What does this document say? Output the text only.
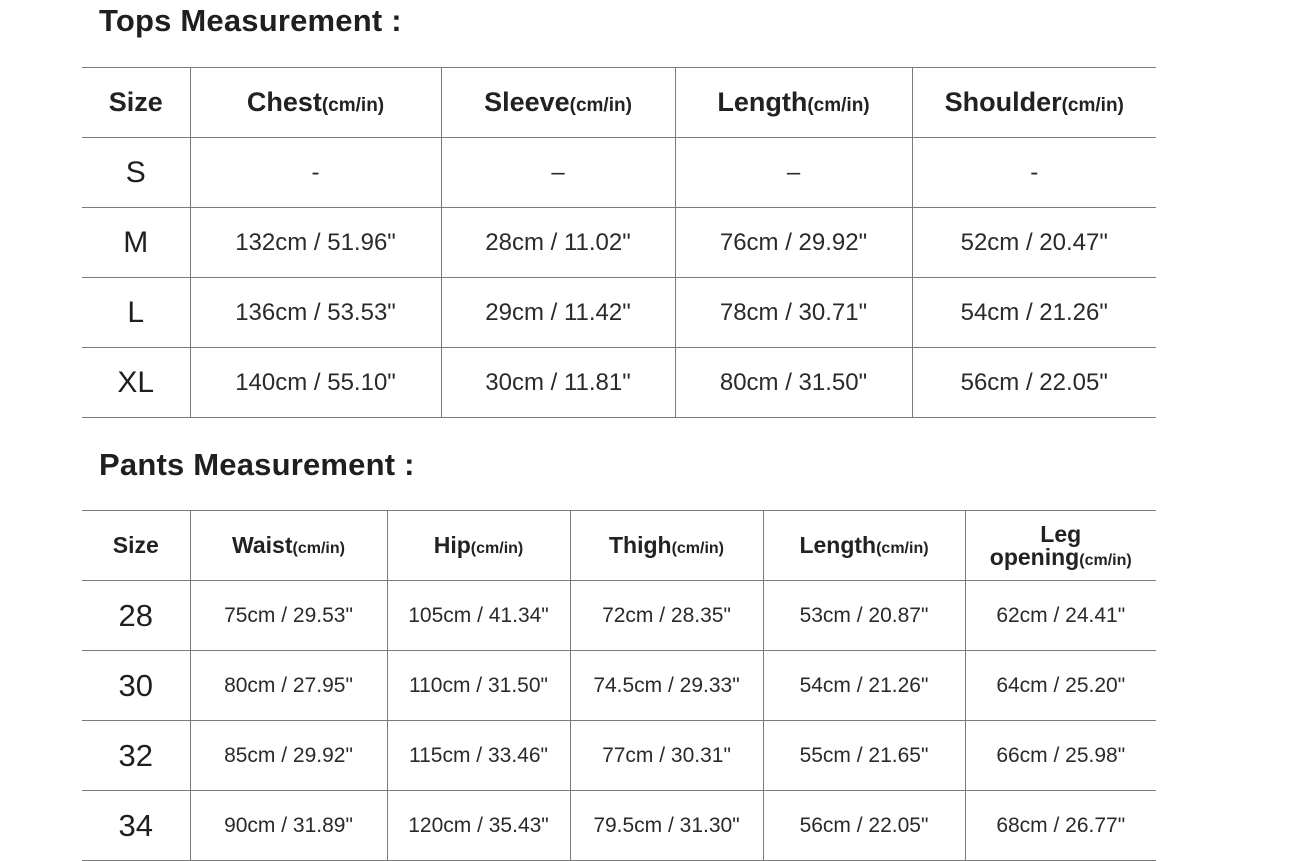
Tops Measurement :
Size	Chest(cm/in)	Sleeve(cm/in)	Length(cm/in)	Shoulder(cm/in)
S	-	–	–	-
M	132cm / 51.96"	28cm / 11.02"	76cm / 29.92"	52cm / 20.47"
L	136cm / 53.53"	29cm / 11.42"	78cm / 30.71"	54cm / 21.26"
XL	140cm / 55.10"	30cm / 11.81"	80cm / 31.50"	56cm / 22.05"
Pants Measurement :
Size	Waist(cm/in)	Hip(cm/in)	Thigh(cm/in)	Length(cm/in)	Leg
opening(cm/in)
28	75cm / 29.53"	105cm / 41.34"	72cm / 28.35"	53cm / 20.87"	62cm / 24.41"
30	80cm / 27.95"	110cm / 31.50"	74.5cm / 29.33"	54cm / 21.26"	64cm / 25.20"
32	85cm / 29.92"	115cm / 33.46"	77cm / 30.31"	55cm / 21.65"	66cm / 25.98"
34	90cm / 31.89"	120cm / 35.43"	79.5cm / 31.30"	56cm / 22.05"	68cm / 26.77"
